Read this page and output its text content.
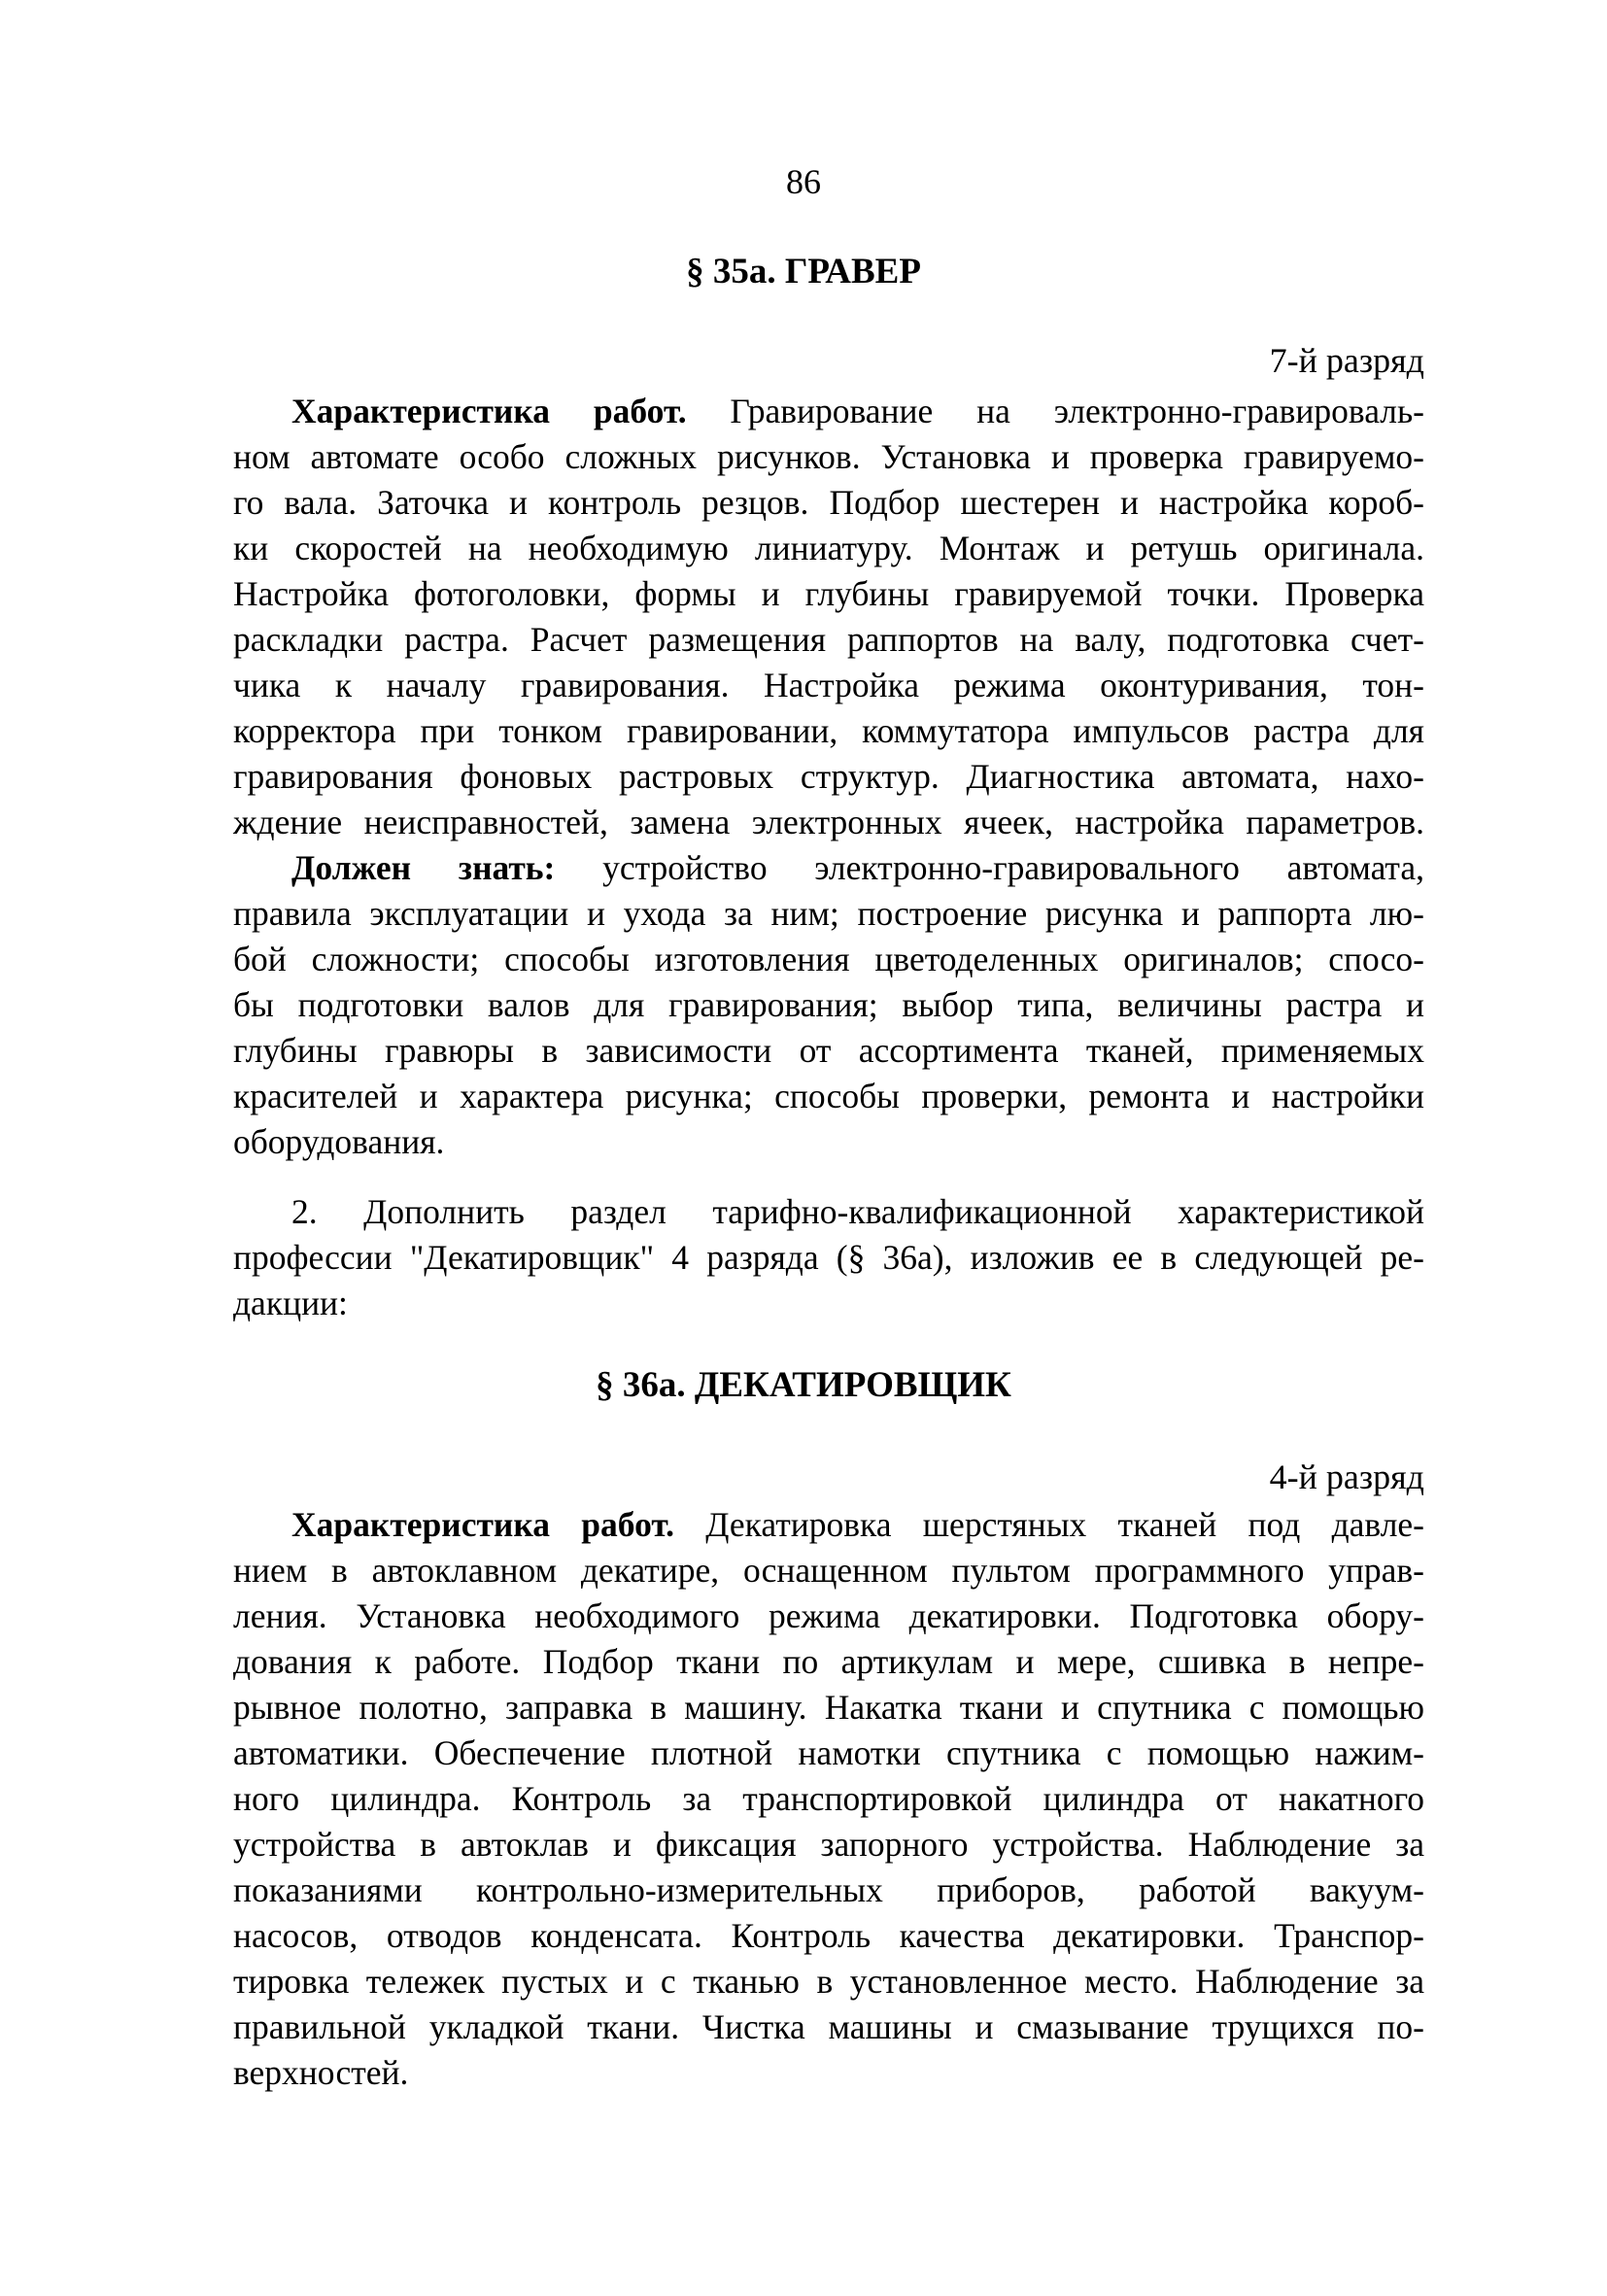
86
§ 35а. ГРАВЕР
7-й разряд
Характеристика работ. Гравирование на электронно-гравироваль-
ном автомате особо сложных рисунков. Установка и проверка гравируемо-
го вала. Заточка и контроль резцов. Подбор шестерен и настройка короб-
ки скоростей на необходимую линиатуру. Монтаж и ретушь оригинала.
Настройка фотоголовки, формы и глубины гравируемой точки. Проверка
раскладки растра. Расчет размещения раппортов на валу, подготовка счет-
чика к началу гравирования. Настройка режима оконтуривания, тон-
корректора при тонком гравировании, коммутатора импульсов растра для
гравирования фоновых растровых структур. Диагностика автомата, нахо-
ждение неисправностей, замена электронных ячеек, настройка параметров.
Должен знать: устройство электронно-гравировального автомата,
правила эксплуатации и ухода за ним; построение рисунка и раппорта лю-
бой сложности; способы изготовления цветоделенных оригиналов; спосо-
бы подготовки валов для гравирования; выбор типа, величины растра и
глубины гравюры в зависимости от ассортимента тканей, применяемых
красителей и характера рисунка; способы проверки, ремонта и настройки
оборудования.
2. Дополнить раздел тарифно-квалификационной характеристикой
профессии "Декатировщик" 4 разряда (§ 36а), изложив ее в следующей ре-
дакции:
§ 36а. ДЕКАТИРОВЩИК
4-й разряд
Характеристика работ. Декатировка шерстяных тканей под давле-
нием в автоклавном декатире, оснащенном пультом программного управ-
ления. Установка необходимого режима декатировки. Подготовка обору-
дования к работе. Подбор ткани по артикулам и мере, сшивка в непре-
рывное полотно, заправка в машину. Накатка ткани и спутника с помощью
автоматики. Обеспечение плотной намотки спутника с помощью нажим-
ного цилиндра. Контроль за транспортировкой цилиндра от накатного
устройства в автоклав и фиксация запорного устройства. Наблюдение за
показаниями контрольно-измерительных приборов, работой вакуум-
насосов, отводов конденсата. Контроль качества декатировки. Транспор-
тировка тележек пустых и с тканью в установленное место. Наблюдение за
правильной укладкой ткани. Чистка машины и смазывание трущихся по-
верхностей.
